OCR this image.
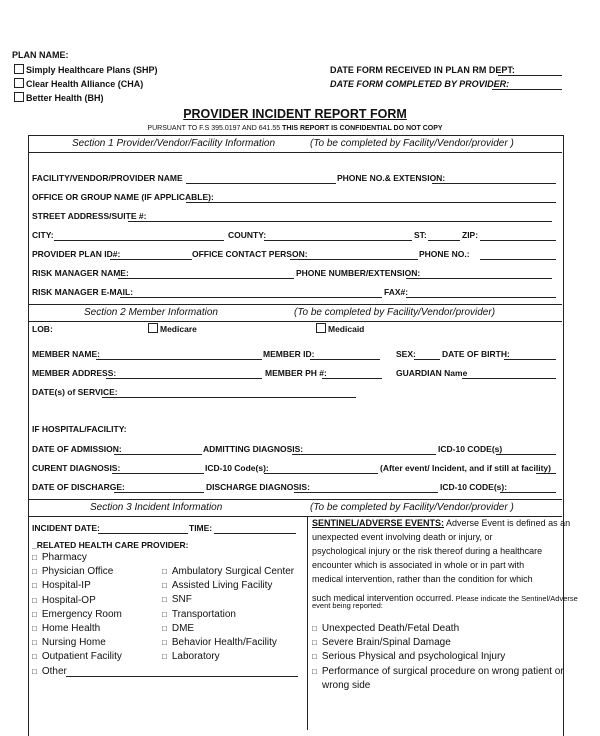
PLAN NAME:
Simply Healthcare Plans (SHP)
Clear Health Alliance (CHA)
Better Health (BH)
DATE FORM RECEIVED IN PLAN RM DEPT:
DATE FORM COMPLETED BY PROVIDER:
PROVIDER INCIDENT REPORT FORM
PURSUANT TO F.S 395.0197 AND 641.55 THIS REPORT IS CONFIDENTIAL DO NOT COPY
Section 1 Provider/Vendor/Facility Information	(To be completed by Facility/Vendor/provider )
FACILITY/VENDOR/PROVIDER NAME	PHONE NO.& EXTENSION:
OFFICE OR GROUP NAME (IF APPLICABLE):
STREET ADDRESS/SUITE #:
CITY:	COUNTY:	ST:	ZIP:
PROVIDER PLAN ID#:	OFFICE CONTACT PERSON:	PHONE NO.:
RISK MANAGER NAME:	PHONE NUMBER/EXTENSION:
RISK MANAGER E-MAIL:	FAX#:
Section 2 Member Information	(To be completed by Facility/Vendor/provider)
LOB:	Medicare	Medicaid
MEMBER NAME:	MEMBER ID:	SEX:	DATE OF BIRTH:
MEMBER ADDRESS:	MEMBER PH #:	GUARDIAN Name
DATE(s) of SERVICE:
IF HOSPITAL/FACILITY:
DATE OF ADMISSION:	ADMITTING DIAGNOSIS:	ICD-10 CODE(s)
CURENT DIAGNOSIS:	ICD-10 Code(s):	(After event/ Incident, and if still at facility)
DATE OF DISCHARGE:	DISCHARGE DIAGNOSIS:	ICD-10 CODE(s):
Section 3 Incident Information	(To be completed by Facility/Vendor/provider )
INCIDENT DATE:	TIME:
_RELATED HEALTH CARE PROVIDER:
□ Pharmacy
□ Physician Office
□ Hospital-IP
□ Hospital-OP
□ Emergency Room
□ Home Health
□ Nursing Home
□ Outpatient Facility
□ Other
□ Ambulatory Surgical Center
□ Assisted Living Facility
□ SNF
□ Transportation
□ DME
□ Behavior Health/Facility
□ Laboratory
SENTINEL/ADVERSE EVENTS: Adverse Event is defined as an
unexpected event involving death or injury, or
psychological injury or the risk thereof during a healthcare
encounter which is associated in whole or in part with
medical intervention, rather than the condition for which
such medical intervention occurred. Please indicate the Sentinel/Adverse
event being reported:
□ Unexpected Death/Fetal Death
□ Severe Brain/Spinal Damage
□ Serious Physical and psychological Injury
□ Performance of surgical procedure on wrong patient or
wrong side
